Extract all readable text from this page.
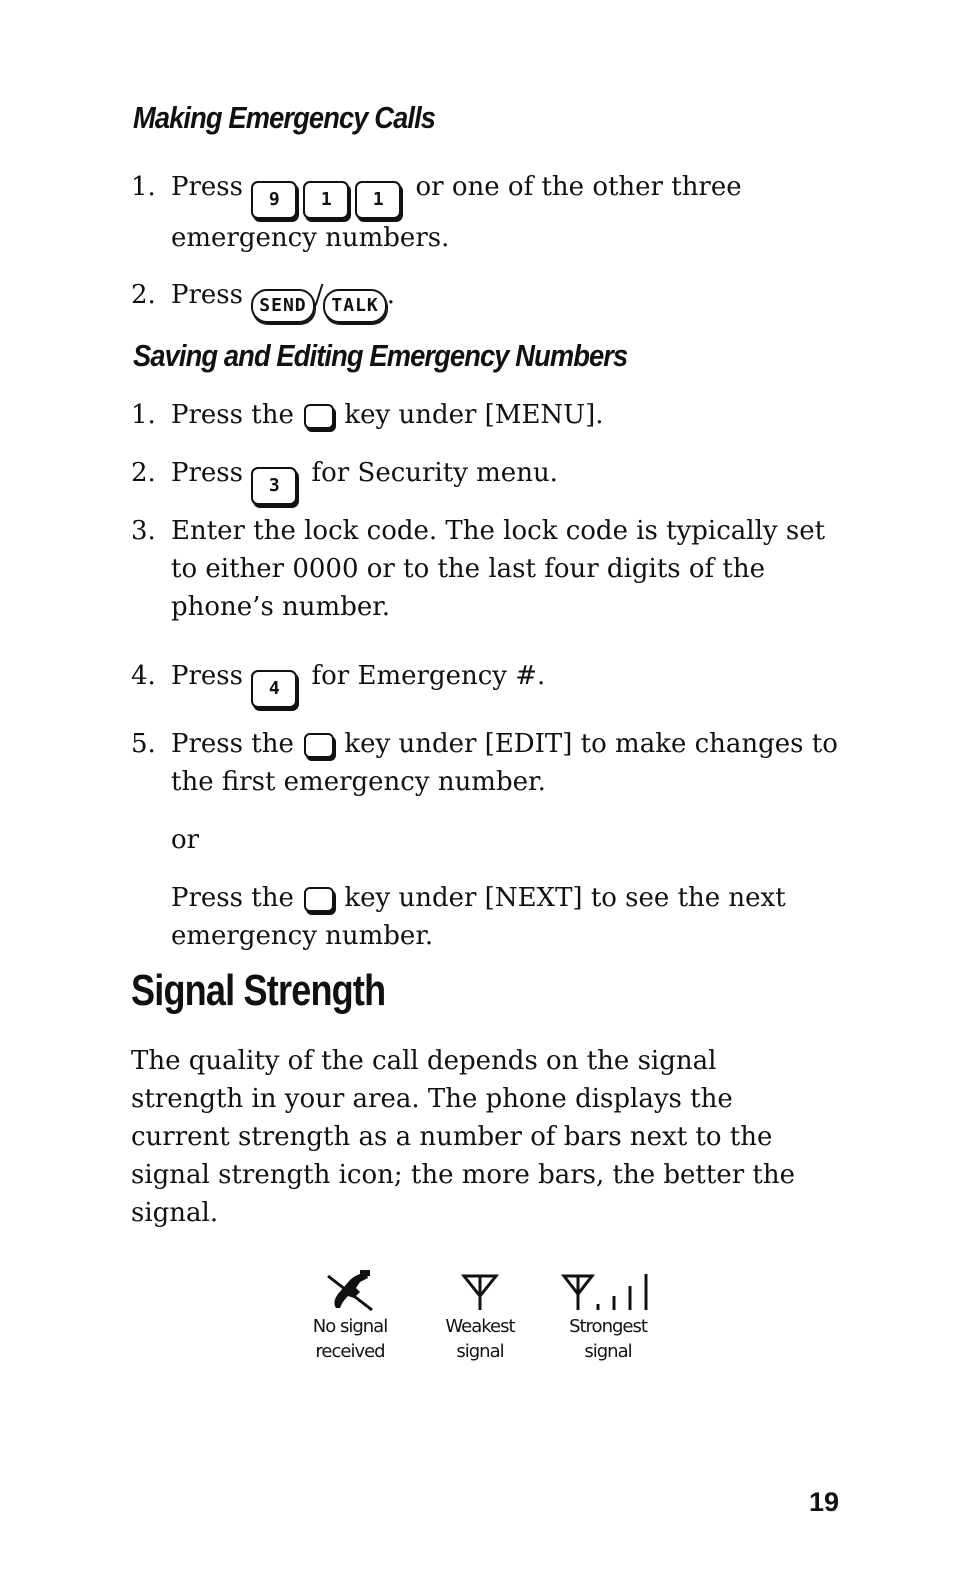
Making Emergency Calls
1. Press 9 1 1 or one of the other three
emergency numbers.
2. Press SEND / TALK .
Saving and Editing Emergency Numbers
1. Press the key under [MENU].
2. Press 3 for Security menu.
3. Enter the lock code. The lock code is typically set to either 0000 or to the last four digits of the phone’s number.
4. Press 4 for Emergency #.
5. Press the key under [EDIT] to make changes to the first emergency number.
or
Press the key under [NEXT] to see the next emergency number.
Signal Strength

The quality of the call depends on the signal strength in your area. The phone displays the current strength as a number of bars next to the signal strength icon; the more bars, the better the signal.

No signal
received
Weakest
signal
Strongest
signal
19
